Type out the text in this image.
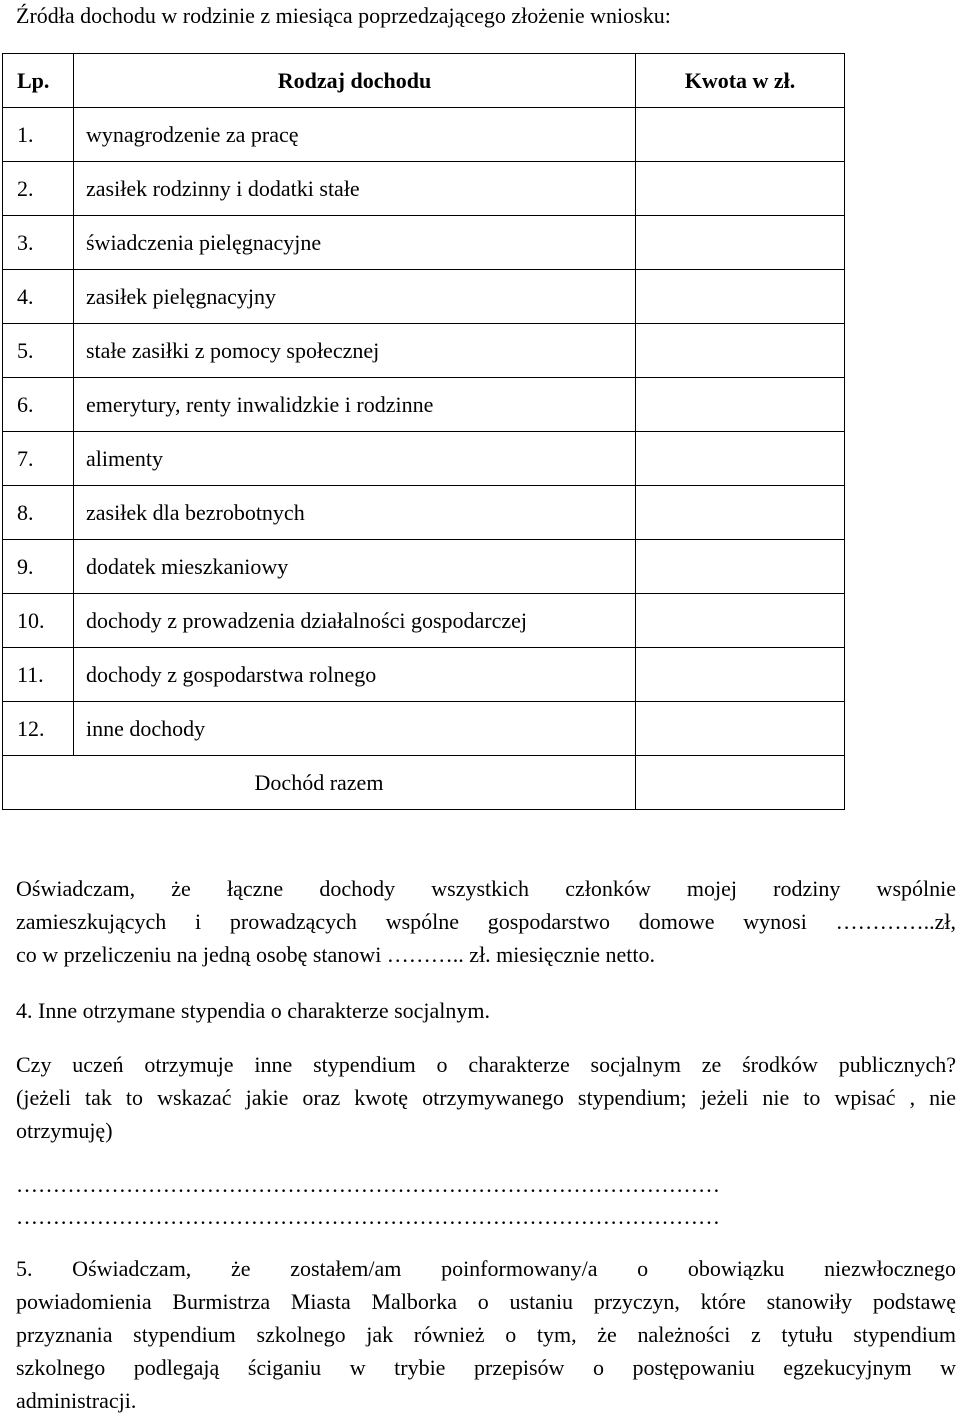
Źródła dochodu w rodzinie z miesiąca poprzedzającego złożenie wniosku:
Lp.	Rodzaj dochodu	Kwota w zł.
1.	wynagrodzenie za pracę	
2.	zasiłek rodzinny i dodatki stałe	
3.	świadczenia pielęgnacyjne	
4.	zasiłek pielęgnacyjny	
5.	stałe zasiłki z pomocy społecznej	
6.	emerytury, renty inwalidzkie i rodzinne	
7.	alimenty	
8.	zasiłek dla bezrobotnych	
9.	dodatek mieszkaniowy	
10.	dochody z prowadzenia działalności gospodarczej	
11.	dochody z gospodarstwa rolnego	
12.	inne dochody	
Dochód razem		
Oświadczam, że łączne dochody wszystkich członków mojej rodziny wspólnie
zamieszkujących i prowadzących wspólne gospodarstwo domowe wynosi …………..zł,
co w przeliczeniu na jedną osobę stanowi ……….. zł. miesięcznie netto.
4. Inne otrzymane stypendia o charakterze socjalnym.
Czy uczeń otrzymuje inne stypendium o charakterze socjalnym ze środków publicznych?
(jeżeli tak to wskazać jakie oraz kwotę otrzymywanego stypendium; jeżeli nie to wpisać , nie
otrzymuję)
……………………………………………………………………………………
……………………………………………………………………………………
5. Oświadczam, że zostałem/am poinformowany/a o obowiązku niezwłocznego
powiadomienia Burmistrza Miasta Malborka o ustaniu przyczyn, które stanowiły podstawę
przyznania stypendium szkolnego jak również o tym, że należności z tytułu stypendium
szkolnego podlegają ściganiu w trybie przepisów o postępowaniu egzekucyjnym w
administracji.
